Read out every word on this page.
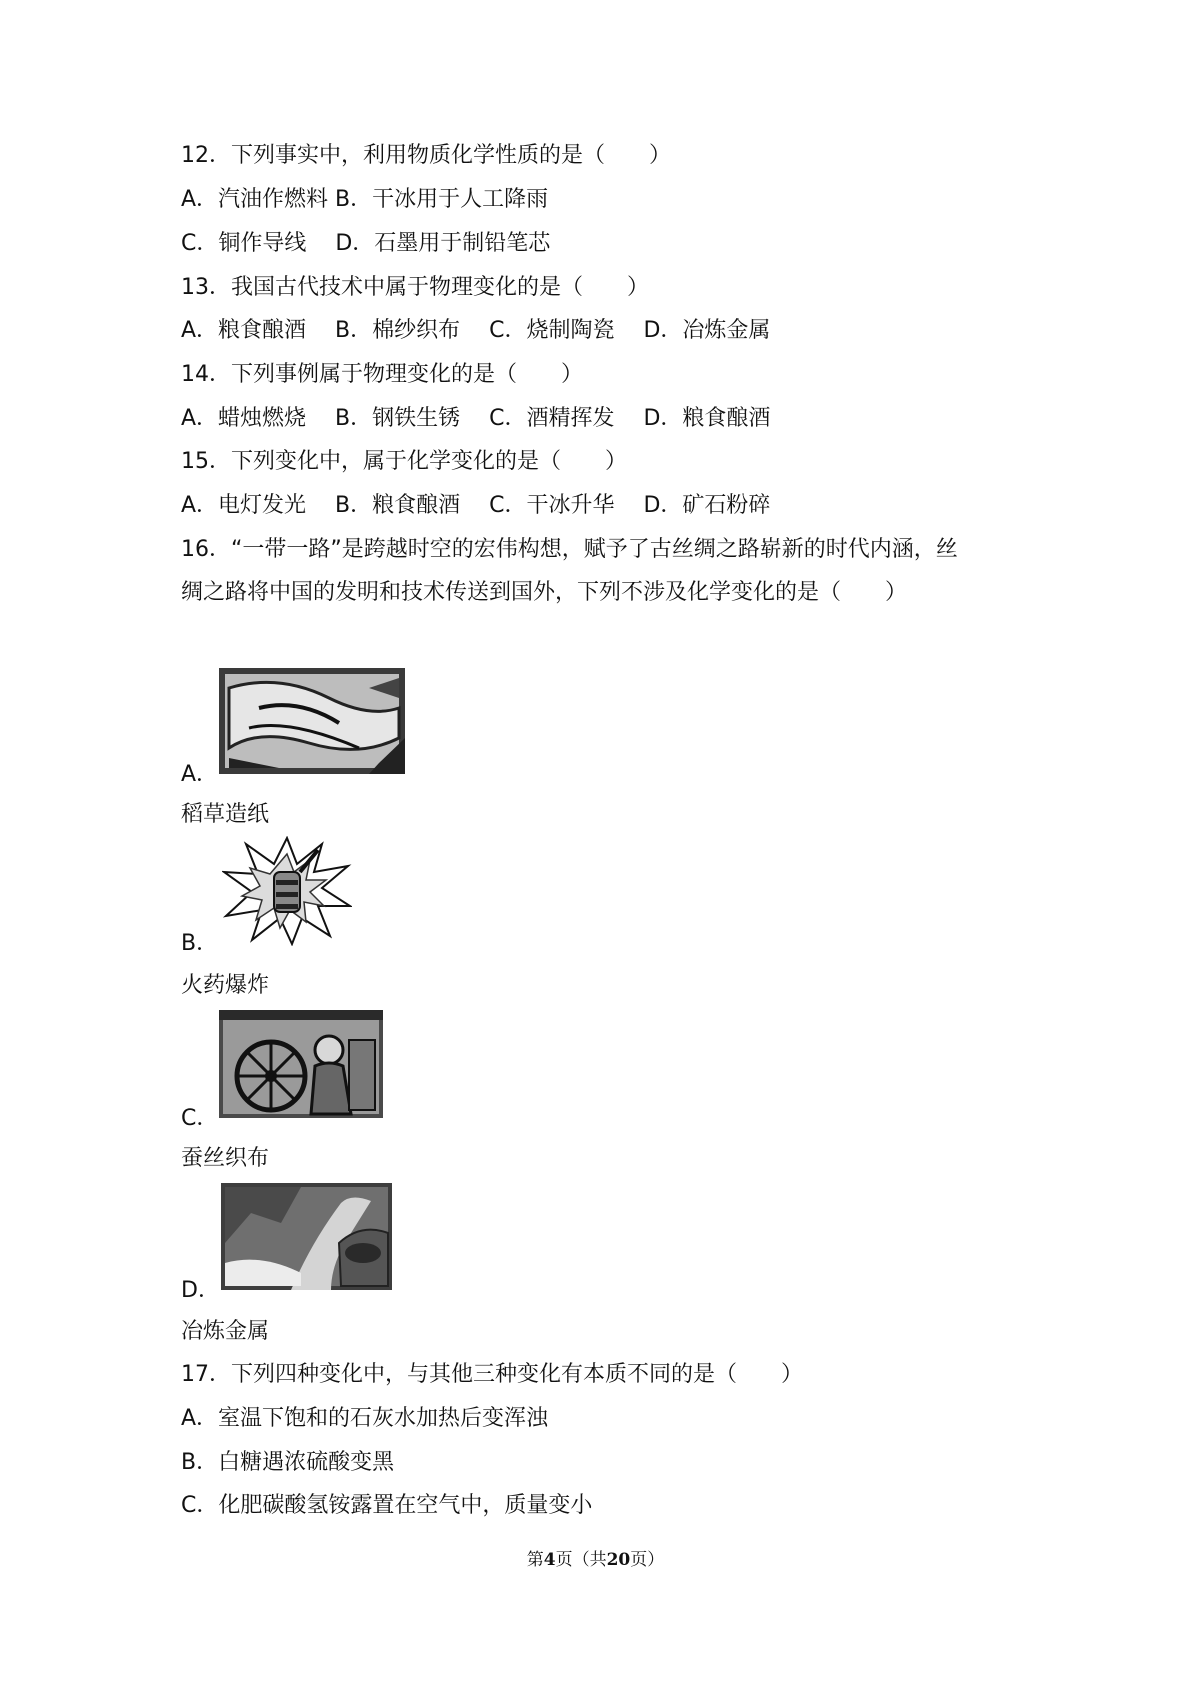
12．下列事实中，利用物质化学性质的是（　　）
A．汽油作燃料 B．干冰用于人工降雨
C．铜作导线　 D．石墨用于制铅笔芯
13．我国古代技术中属于物理变化的是（　　）
A．粮食酿酒　 B．棉纱织布　 C．烧制陶瓷　 D．冶炼金属
14．下列事例属于物理变化的是（　　）
A．蜡烛燃烧　 B．钢铁生锈　 C．酒精挥发　 D．粮食酿酒
15．下列变化中，属于化学变化的是（　　）
A．电灯发光　 B．粮食酿酒　 C．干冰升华　 D．矿石粉碎
16．“一带一路”是跨越时空的宏伟构想，赋予了古丝绸之路崭新的时代内涵，丝
绸之路将中国的发明和技术传送到国外，下列不涉及化学变化的是（　　）
A．
稻草造纸
B．
火药爆炸
C．
蚕丝织布
D．
冶炼金属
17．下列四种变化中，与其他三种变化有本质不同的是（　　）
A．室温下饱和的石灰水加热后变浑浊
B．白糖遇浓硫酸变黑
C．化肥碳酸氢铵露置在空气中，质量变小
第4页（共20页）
